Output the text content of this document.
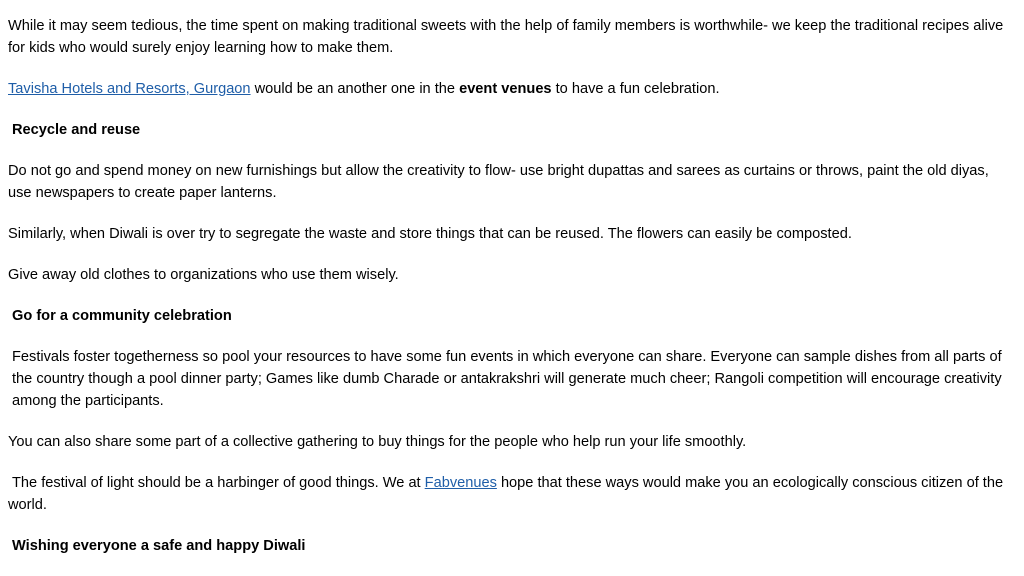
While it may seem tedious, the time spent on making traditional sweets with the help of family members is worthwhile- we keep the traditional recipes alive for kids who would surely enjoy learning how to make them.

Tavisha Hotels and Resorts, Gurgaon would be an another one in the event venues to have a fun celebration.

Recycle and reuse

Do not go and spend money on new furnishings but allow the creativity to flow- use bright dupattas and sarees as curtains or throws, paint the old diyas, use newspapers to create paper lanterns.

Similarly, when Diwali is over try to segregate the waste and store things that can be reused. The flowers can easily be composted.

Give away old clothes to organizations who use them wisely.

Go for a community celebration

Festivals foster togetherness so pool your resources to have some fun events in which everyone can share. Everyone can sample dishes from all parts of the country though a pool dinner party; Games like dumb Charade or antakrakshri will generate much cheer; Rangoli competition will encourage creativity among the participants.

You can also share some part of a collective gathering to buy things for the people who help run your life smoothly.

The festival of light should be a harbinger of good things. We at Fabvenues hope that these ways would make you an ecologically conscious citizen of the world.

Wishing everyone a safe and happy Diwali
